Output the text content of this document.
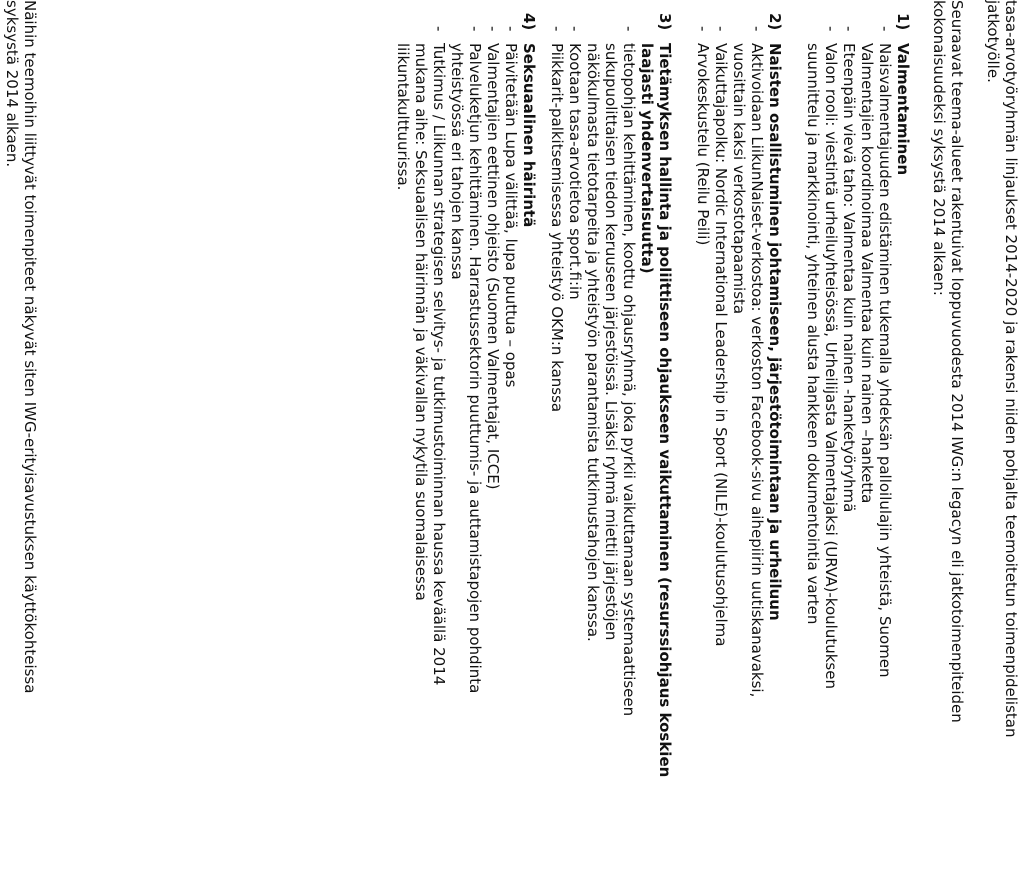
tasa-arvotyöryhmän linjaukset 2014-2020 ja rakensi niiden pohjalta teemoitetun toimenpidelistan
jatkotyölle.
Seuraavat teema-alueet rakentuivat loppuvuodesta 2014 IWG:n legacyn eli jatkotoimenpiteiden
kokonaisuudeksi syksystä 2014 alkaen:
1)
Valmentaminen
-
Naisvalmentajuuden edistäminen tukemalla yhdeksän palloilulajin yhteistä, Suomen
Valmentajien koordinoimaa Valmentaa kuin nainen –hanketta
-
Eteenpäin vievä taho: Valmentaa kuin nainen -hanketyöryhmä
-
Valon rooli: viestintä urheiluyhteisössä, Urheilijasta Valmentajaksi (URVA)-koulutuksen
suunnittelu ja markkinointi, yhteinen alusta hankkeen dokumentointia varten
2)
Naisten osallistuminen johtamiseen, järjestötoimintaan ja urheiluun
-
Aktivoidaan LiikunNaiset-verkostoa: verkoston Facebook-sivu aihepiirin uutiskanavaksi,
vuosittain kaksi verkostotapaamista
-
Vaikuttajapolku: Nordic International Leadership in Sport (NILE)-koulutusohjelma
-
Arvokeskustelu (Reilu Peili)
3)
Tietämyksen hallinta ja poliittiseen ohjaukseen vaikuttaminen (resurssiohjaus koskien
laajasti yhdenvertaisuutta)
-
tietopohjan kehittäminen, koottu ohjausryhmä, joka pyrkii vaikuttamaan systemaattiseen
sukupuolittaisen tiedon keruuseen järjestöissä. Lisäksi ryhmä miettii järjestöjen
näkökulmasta tietotarpeita ja yhteistyön parantamista tutkimustahojen kanssa.
-
Kootaan tasa-arvotietoa sport.fi:in
-
Piikkarit-palkitsemisessa yhteistyö OKM:n kanssa
4)
Seksuaalinen häirintä
-
Päivitetään Lupa välittää, lupa puuttua – opas
-
Valmentajien eettinen ohjeisto (Suomen Valmentajat, ICCE)
-
Palveluketjun kehittäminen. Harrastussektorin puuttumis- ja auttamistapojen pohdinta
yhteistyössä eri tahojen kanssa
-
Tutkimus / Liikunnan strategisen selvitys- ja tutkimustoiminnan haussa keväällä 2014
mukana aihe: Seksuaalisen häirinnän ja väkivallan nykytila suomalaisessa
liikuntakulttuurissa.
Näihin teemoihin liittyvät toimenpiteet näkyvät siten IWG-erityisavustuksen käyttökohteissa
syksystä 2014 alkaen.
